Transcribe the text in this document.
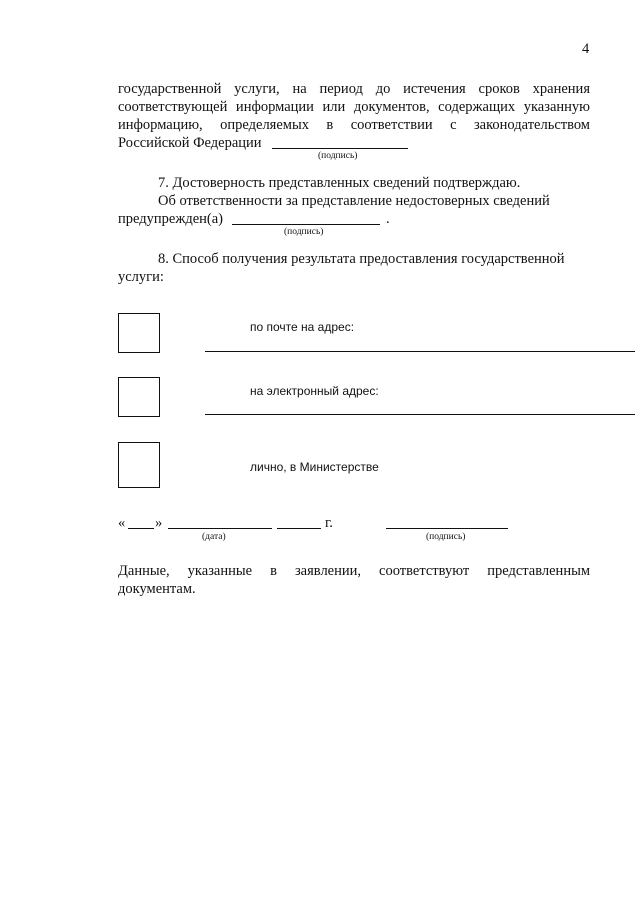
4
государственной услуги, на период до истечения сроков хранения
соответствующей информации или документов, содержащих указанную
информацию, определяемых в соответствии с законодательством
Российской Федерации
(подпись)
7. Достоверность представленных сведений подтверждаю.
Об ответственности за представление недостоверных сведений
предупрежден(а)	.
(подпись)
8. Способ получения результата предоставления государственной
услуги:
по почте на адрес:
на электронный адрес:
лично, в Министерстве
« »	г.
(дата)	(подпись)
Данные, указанные в заявлении, соответствуют представленным
документам.
